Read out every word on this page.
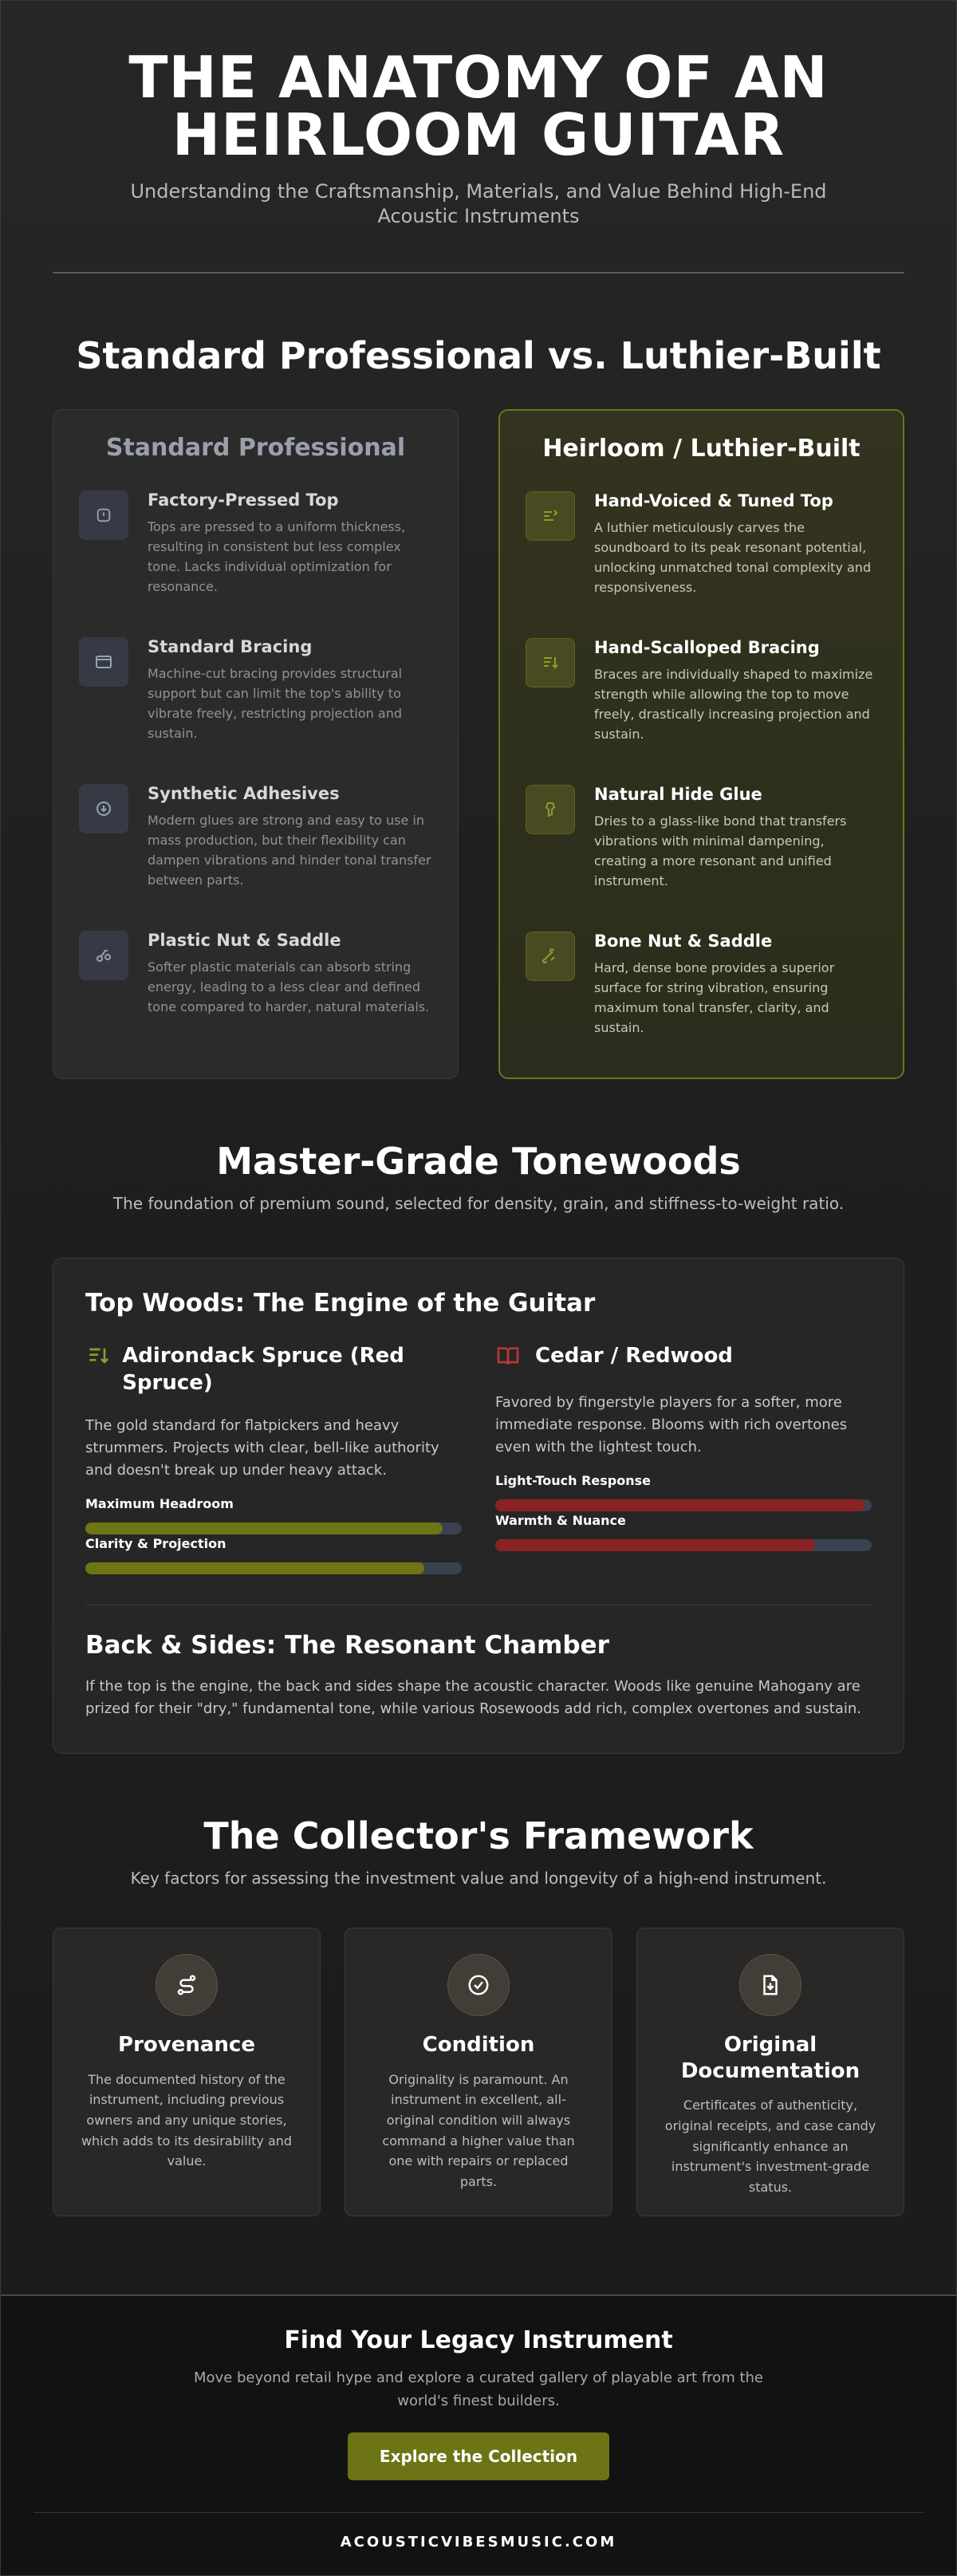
THE ANATOMY OF AN
HEIRLOOM GUITAR

Understanding the Craftsmanship, Materials, and Value Behind High-End Acoustic Instruments

Standard Professional vs. Luthier-Built
Standard Professional
Factory-Pressed Top

Tops are pressed to a uniform thickness, resulting in consistent but less complex tone. Lacks individual optimization for resonance.

Standard Bracing

Machine-cut bracing provides structural support but can limit the top's ability to vibrate freely, restricting projection and sustain.

Synthetic Adhesives

Modern glues are strong and easy to use in mass production, but their flexibility can dampen vibrations and hinder tonal transfer between parts.

Plastic Nut & Saddle

Softer plastic materials can absorb string energy, leading to a less clear and defined tone compared to harder, natural materials.

Heirloom / Luthier-Built
Hand-Voiced & Tuned Top

A luthier meticulously carves the soundboard to its peak resonant potential, unlocking unmatched tonal complexity and responsiveness.

Hand-Scalloped Bracing

Braces are individually shaped to maximize strength while allowing the top to move freely, drastically increasing projection and sustain.

Natural Hide Glue

Dries to a glass-like bond that transfers vibrations with minimal dampening, creating a more resonant and unified instrument.

Bone Nut & Saddle

Hard, dense bone provides a superior surface for string vibration, ensuring maximum tonal transfer, clarity, and sustain.

Master-Grade Tonewoods

The foundation of premium sound, selected for density, grain, and stiffness-to-weight ratio.

Top Woods: The Engine of the Guitar
Adirondack Spruce (Red Spruce)

The gold standard for flatpickers and heavy strummers. Projects with clear, bell-like authority and doesn't break up under heavy attack.

Maximum Headroom
Clarity & Projection
Cedar / Redwood

Favored by fingerstyle players for a softer, more immediate response. Blooms with rich overtones even with the lightest touch.

Light-Touch Response
Warmth & Nuance
Back & Sides: The Resonant Chamber

If the top is the engine, the back and sides shape the acoustic character. Woods like genuine Mahogany are prized for their "dry," fundamental tone, while various Rosewoods add rich, complex overtones and sustain.

The Collector's Framework

Key factors for assessing the investment value and longevity of a high-end instrument.

Provenance

The documented history of the instrument, including previous owners and any unique stories, which adds to its desirability and value.

Condition

Originality is paramount. An instrument in excellent, all-original condition will always command a higher value than one with repairs or replaced parts.

Original Documentation

Certificates of authenticity, original receipts, and case candy significantly enhance an instrument's investment-grade status.

Find Your Legacy Instrument

Move beyond retail hype and explore a curated gallery of playable art from the world's finest builders.

Explore the Collection
ACOUSTICVIBESMUSIC.COM
